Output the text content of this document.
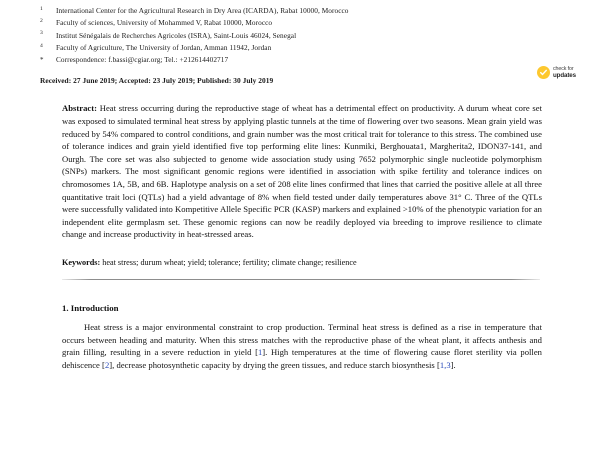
1	International Center for the Agricultural Research in Dry Area (ICARDA), Rabat 10000, Morocco
2	Faculty of sciences, University of Mohammed V, Rabat 10000, Morocco
3	Institut Sénégalais de Recherches Agricoles (ISRA), Saint-Louis 46024, Senegal
4	Faculty of Agriculture, The University of Jordan, Amman 11942, Jordan
*	Correspondence: f.bassi@cgiar.org; Tel.: +212614402717
Received: 27 June 2019; Accepted: 23 July 2019; Published: 30 July 2019
check for
updates
Abstract: Heat stress occurring during the reproductive stage of wheat has a detrimental effect on productivity. A durum wheat core set was exposed to simulated terminal heat stress by applying plastic tunnels at the time of flowering over two seasons. Mean grain yield was reduced by 54% compared to control conditions, and grain number was the most critical trait for tolerance to this stress. The combined use of tolerance indices and grain yield identified five top performing elite lines: Kunmiki, Berghouata1, Margherita2, IDON37-141, and Ourgh. The core set was also subjected to genome wide association study using 7652 polymorphic single nucleotide polymorphism (SNPs) markers. The most significant genomic regions were identified in association with spike fertility and tolerance indices on chromosomes 1A, 5B, and 6B. Haplotype analysis on a set of 208 elite lines confirmed that lines that carried the positive allele at all three quantitative trait loci (QTLs) had a yield advantage of 8% when field tested under daily temperatures above 31° C. Three of the QTLs were successfully validated into Kompetitive Allele Specific PCR (KASP) markers and explained >10% of the phenotypic variation for an independent elite germplasm set. These genomic regions can now be readily deployed via breeding to improve resilience to climate change and increase productivity in heat-stressed areas.
Keywords: heat stress; durum wheat; yield; tolerance; fertility; climate change; resilience
1. Introduction
Heat stress is a major environmental constraint to crop production. Terminal heat stress is defined as a rise in temperature that occurs between heading and maturity. When this stress matches with the reproductive phase of the wheat plant, it affects anthesis and grain filling, resulting in a severe reduction in yield [1]. High temperatures at the time of flowering cause floret sterility via pollen dehiscence [2], decrease photosynthetic capacity by drying the green tissues, and reduce starch biosynthesis [1,3].
